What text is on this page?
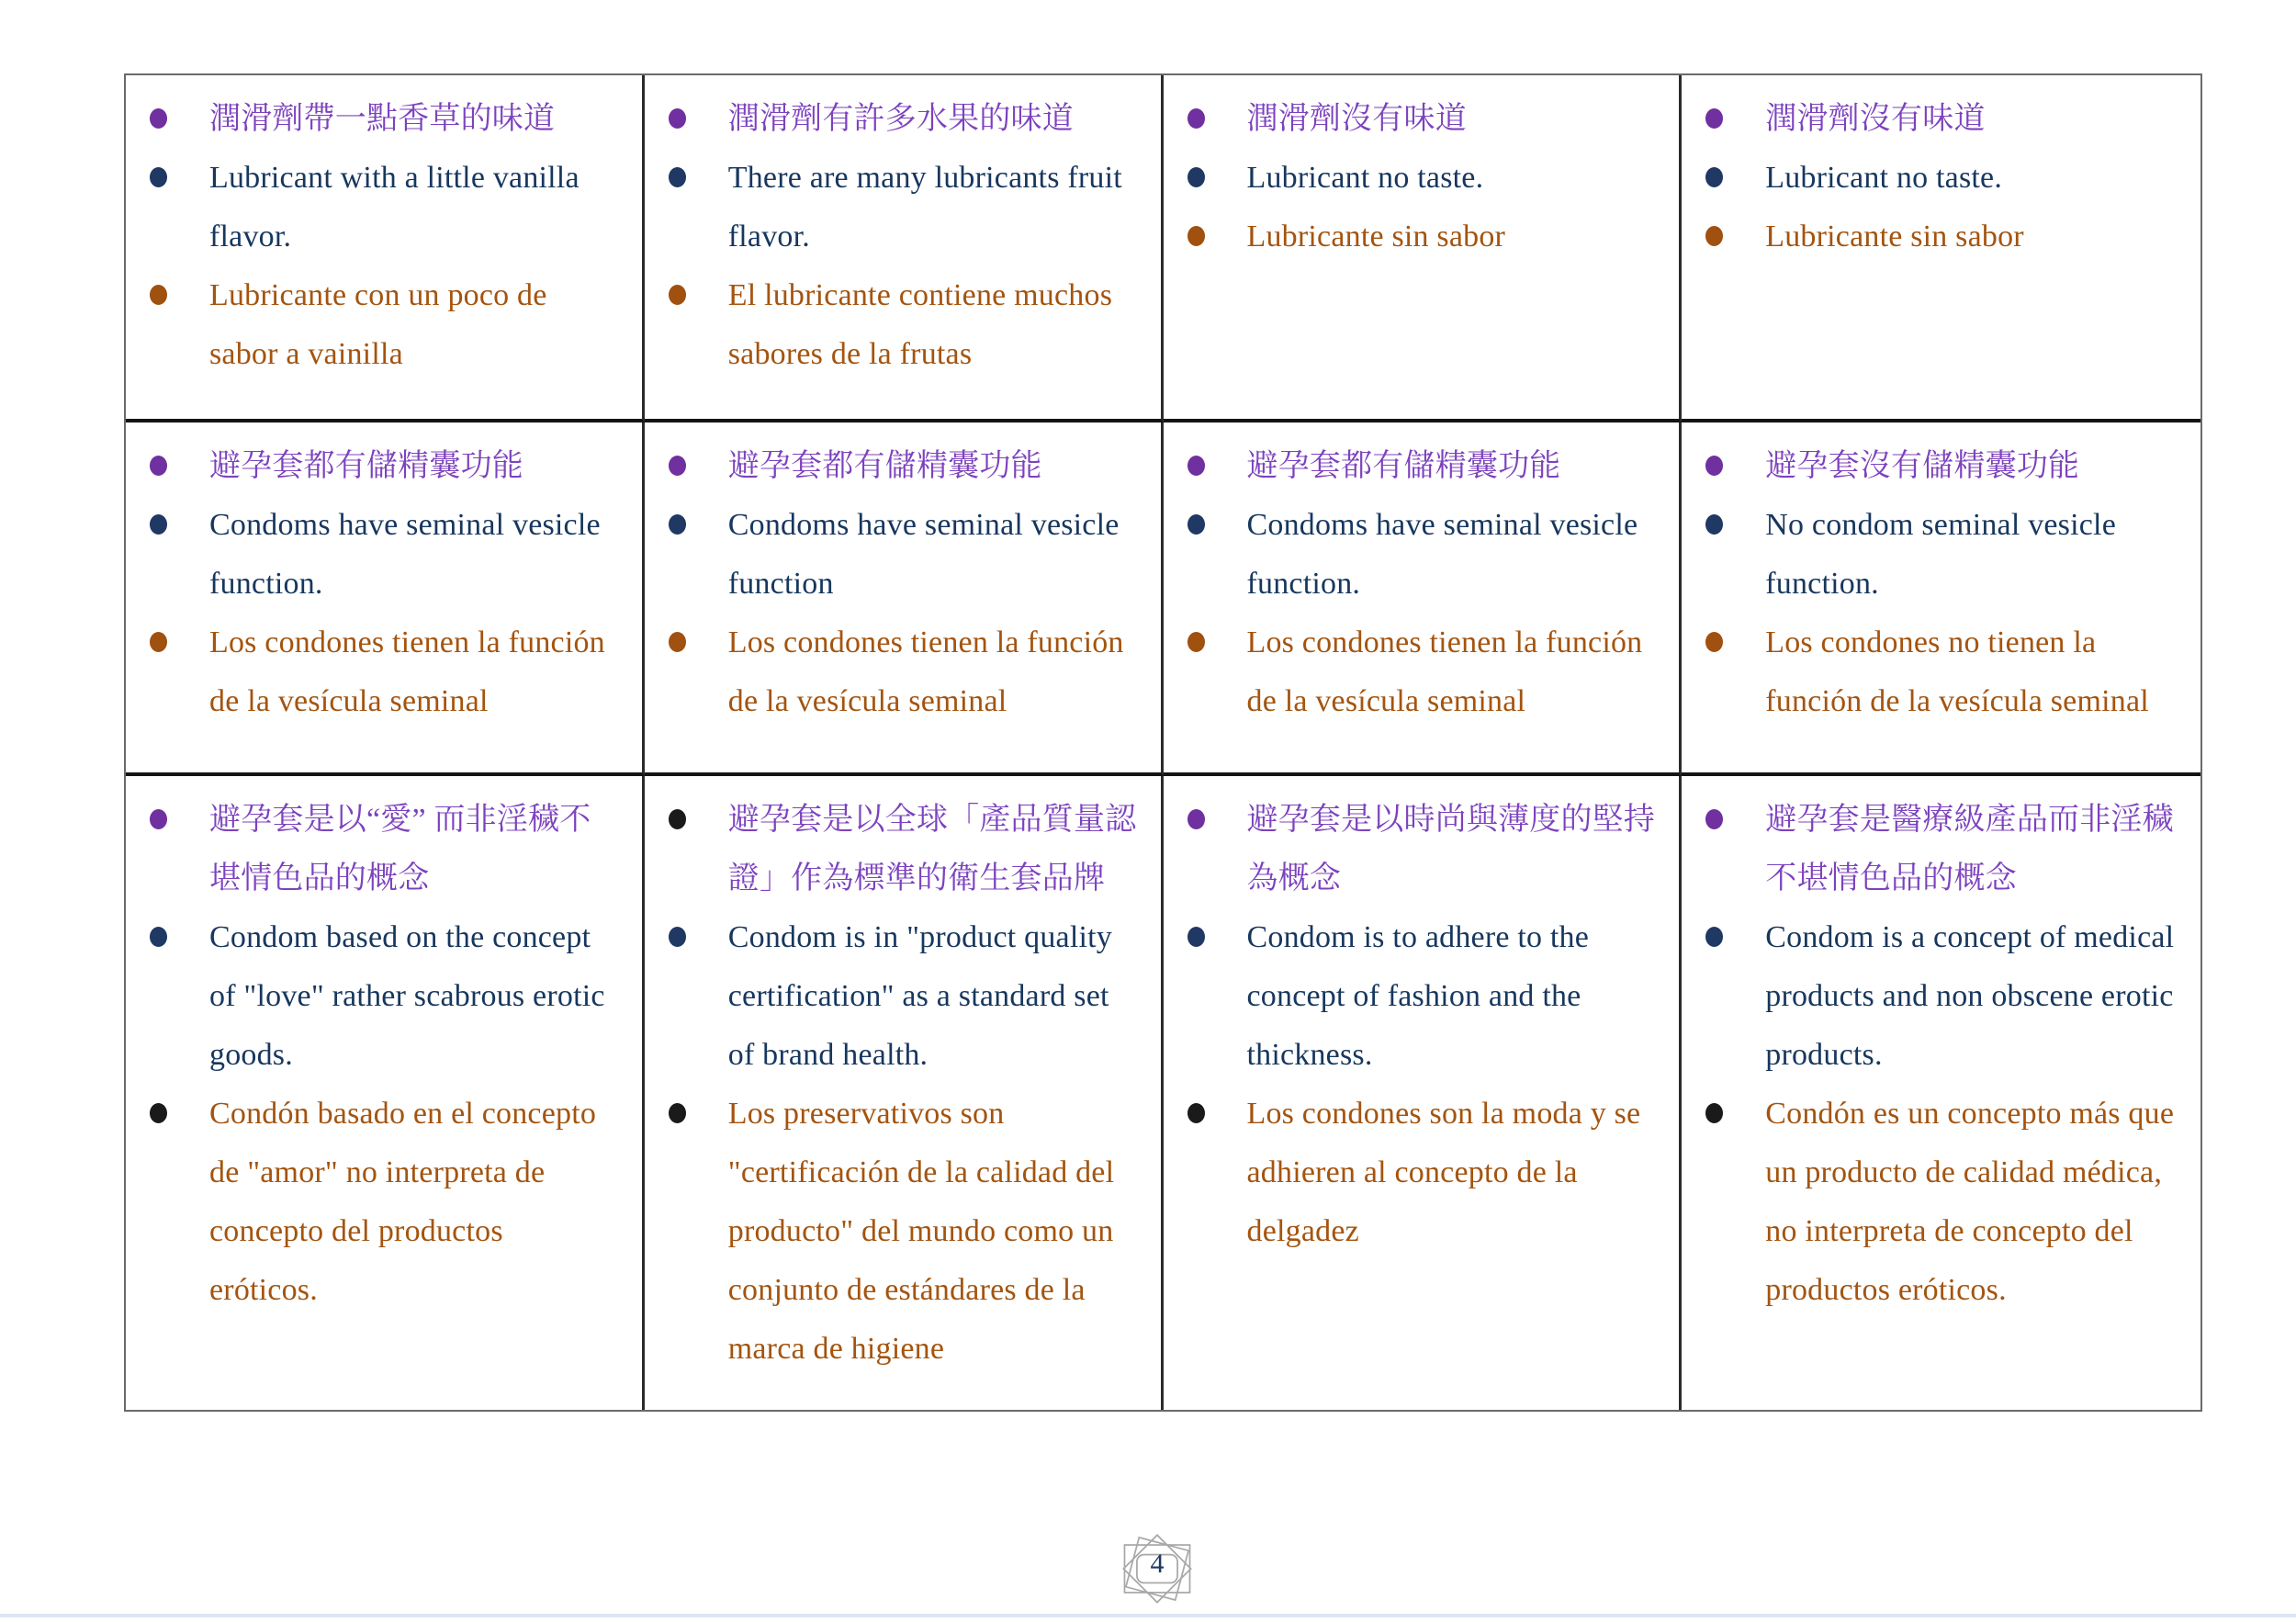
潤滑劑帶一點香草的味道
Lubricant with a little vanilla flavor.
Lubricante con un poco de sabor a vainilla
潤滑劑有許多水果的味道
There are many lubricants fruit flavor.
El lubricante contiene muchos sabores de la frutas
潤滑劑沒有味道
Lubricant no taste.
Lubricante sin sabor
潤滑劑沒有味道
Lubricant no taste.
Lubricante sin sabor
避孕套都有儲精囊功能
Condoms have seminal vesicle function.
Los condones tienen la función de la vesícula seminal
避孕套都有儲精囊功能
Condoms have seminal vesicle function
Los condones tienen la función de la vesícula seminal
避孕套都有儲精囊功能
Condoms have seminal vesicle function.
Los condones tienen la función de la vesícula seminal
避孕套沒有儲精囊功能
No condom seminal vesicle function.
Los condones no tienen la función de la vesícula seminal
避孕套是以“愛” 而非淫穢不堪情色品的概念
Condom based on the concept of "love" rather scabrous erotic goods.
Condón basado en el concepto de "amor" no interpreta de concepto del productos eróticos.
避孕套是以全球「產品質量認證」作為標準的衛生套品牌
Condom is in "product quality certification" as a standard set of brand health.
Los preservativos son "certificación de la calidad del producto" del mundo como un conjunto de estándares de la marca de higiene
避孕套是以時尚與薄度的堅持為概念
Condom is to adhere to the concept of fashion and the thickness.
Los condones son la moda y se adhieren al concepto de la delgadez
避孕套是醫療級產品而非淫穢不堪情色品的概念
Condom is a concept of medical products and non obscene erotic products.
Condón es un concepto más que un producto de calidad médica, no interpreta de concepto del productos eróticos.
4
